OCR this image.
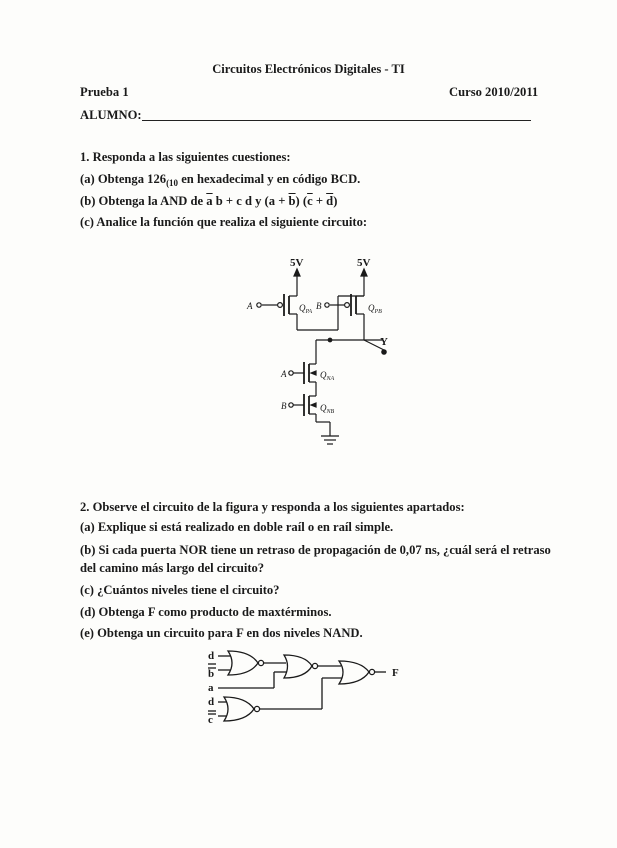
Circuitos Electrónicos Digitales - TI
Prueba 1	Curso 2010/2011
ALUMNO:
1. Responda a las siguientes cuestiones:
(a) Obtenga $126_{(10}$ en hexadecimal y en código BCD.
(b) Obtenga la AND de $\overline{a}$ b + c d y $(a + \overline{b})$ $(\overline{c} + \overline{d})$
(c) Analice la función que realiza el siguiente circuito:
2. Observe el circuito de la figura y responda a los siguientes apartados:
(a) Explique si está realizado en doble raíl o en raíl simple.
(b) Si cada puerta NOR tiene un retraso de propagación de 0,07 ns, ¿cuál será el retraso
del camino más largo del circuito?
(c) ¿Cuántos niveles tiene el circuito?
(d) Obtenga F como producto de maxtérminos.
(e) Obtenga un circuito para F en dos niveles NAND.
5V	5V
A	$Q_{PA}$
B	$Q_{PB}$
Y
A	$Q_{NA}$
B	$Q_{NB}$
d
b
a
d
c
F
